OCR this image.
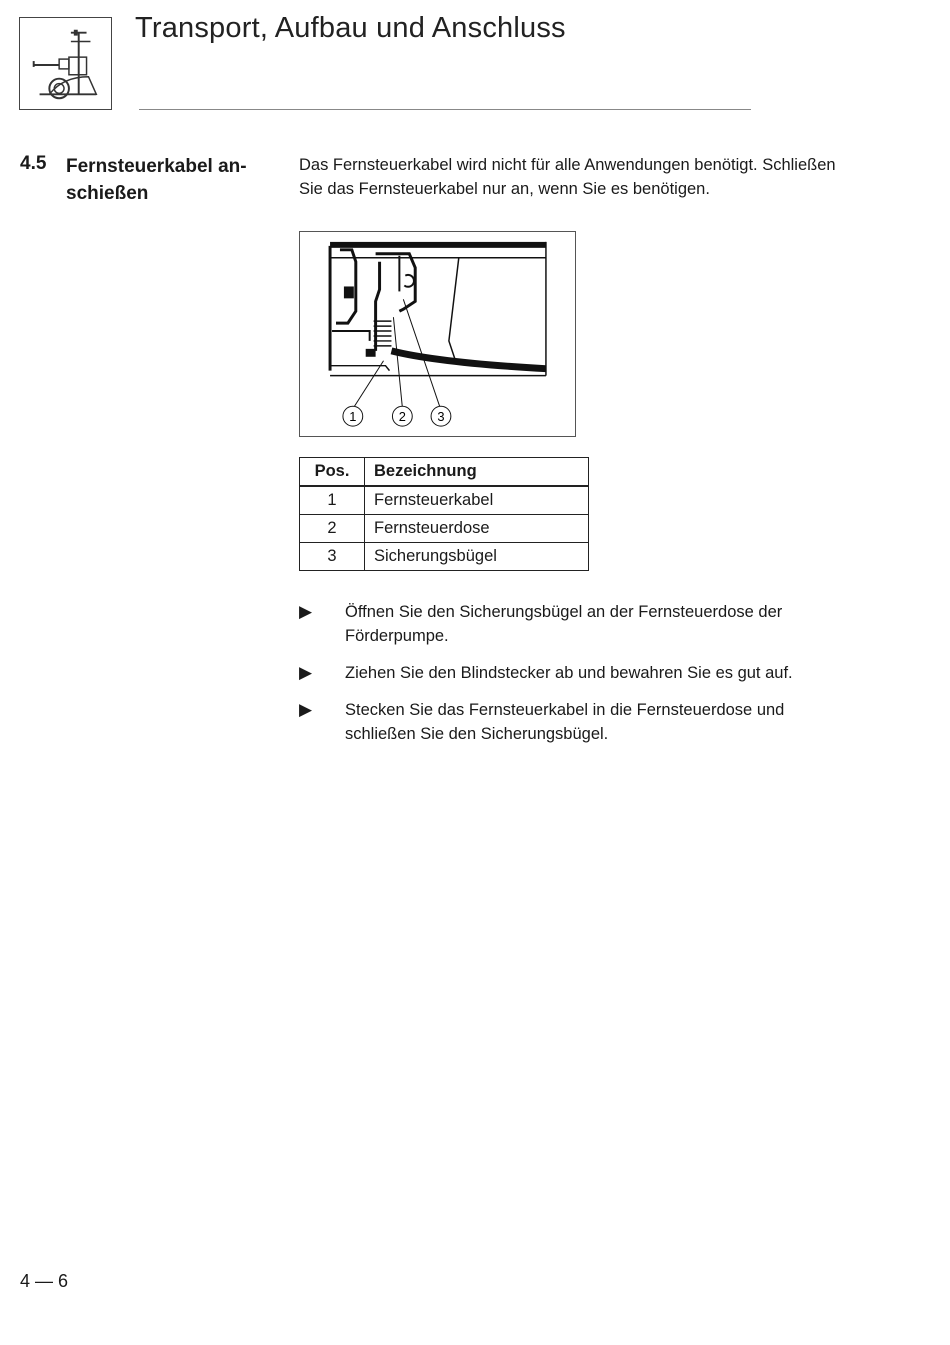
Transport, Aufbau und Anschluss
4.5 Fernsteuerkabel an-
schießen

Das Fernsteuerkabel wird nicht für alle Anwendungen benötigt. Schließen Sie das Fernsteuerkabel nur an, wenn Sie es benötigen.

1	2 3
Pos.	Bezeichnung
1	Fernsteuerkabel
2	Fernsteuerdose
3	Sicherungsbügel
▶ Öffnen Sie den Sicherungsbügel an der Fernsteuerdose der Förderpumpe.
▶ Ziehen Sie den Blindstecker ab und bewahren Sie es gut auf.
▶ Stecken Sie das Fernsteuerkabel in die Fernsteuerdose und schließen Sie den Sicherungsbügel.
4 — 6
